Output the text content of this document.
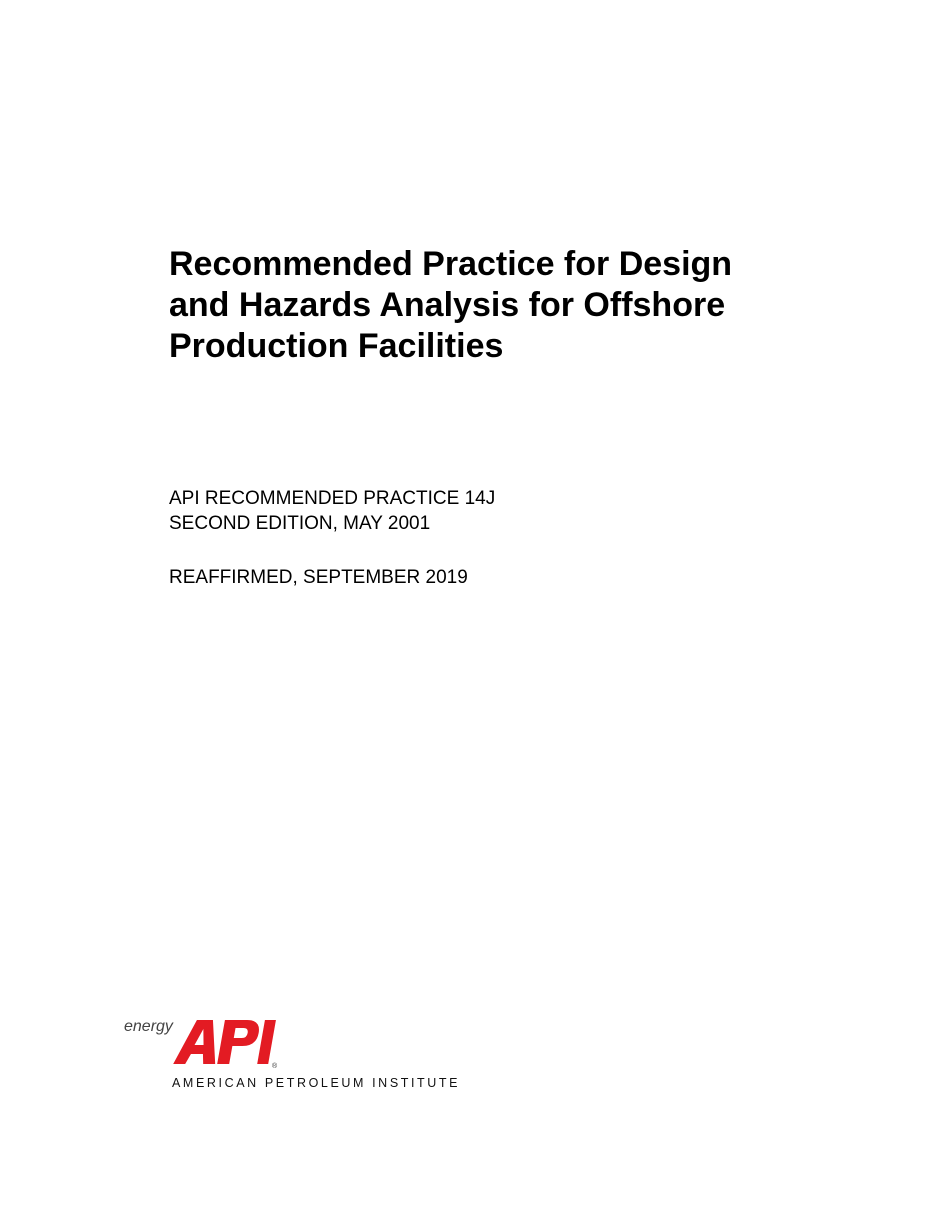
Recommended Practice for Design
and Hazards Analysis for Offshore
Production Facilities
API RECOMMENDED PRACTICE 14J
SECOND EDITION, MAY 2001
REAFFIRMED, SEPTEMBER 2019
energy
®
AMERICAN PETROLEUM INSTITUTE
